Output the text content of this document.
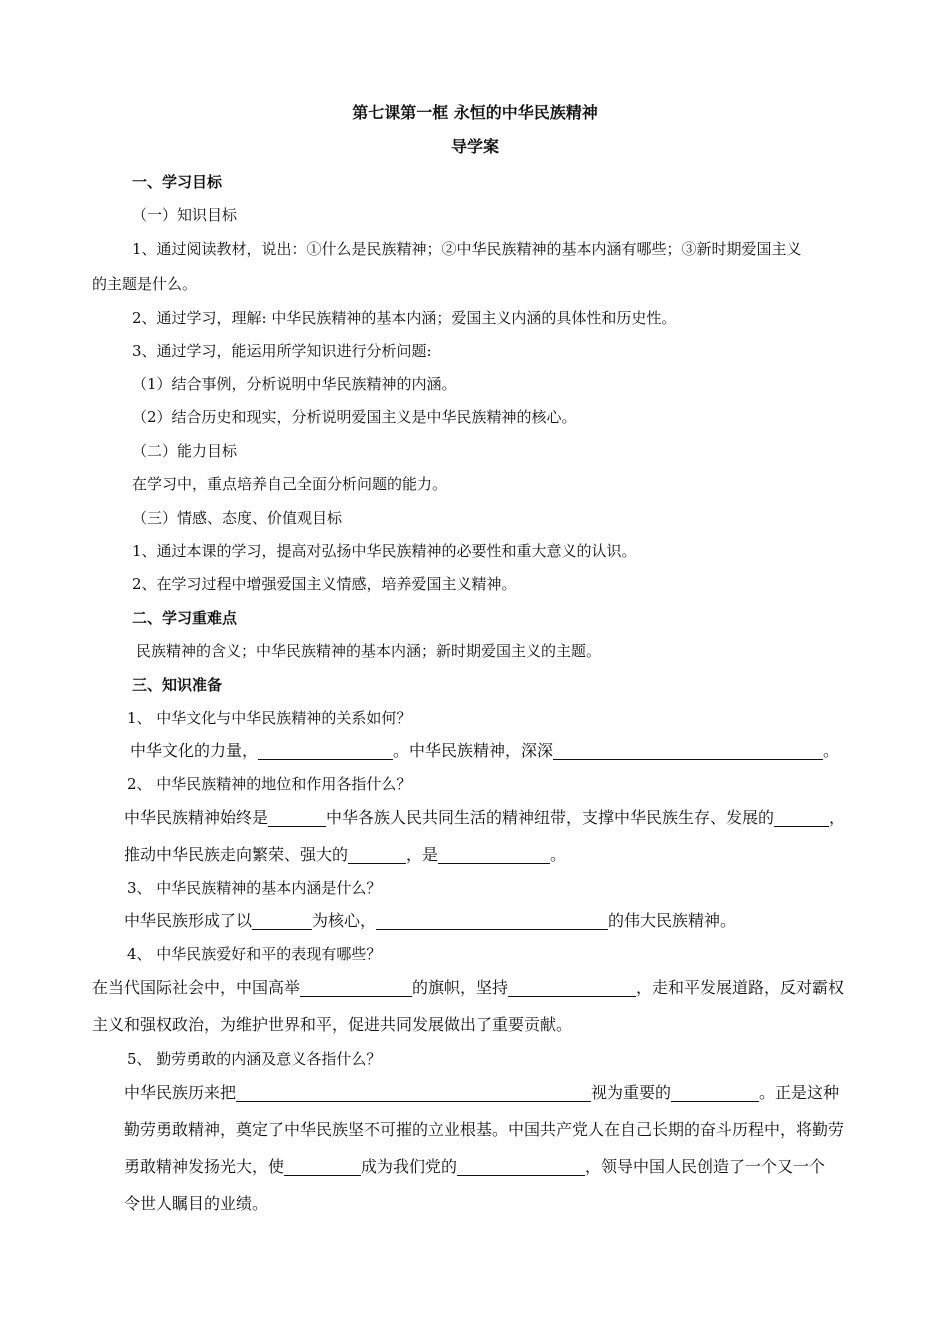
第七课第一框 永恒的中华民族精神
导学案
一、学习目标
（一）知识目标
1、通过阅读教材，说出：①什么是民族精神；②中华民族精神的基本内涵有哪些；③新时期爱国主义
的主题是什么。
2、通过学习，理解: 中华民族精神的基本内涵；爱国主义内涵的具体性和历史性。
3、通过学习，能运用所学知识进行分析问题:
（1）结合事例，分析说明中华民族精神的内涵。
（2）结合历史和现实，分析说明爱国主义是中华民族精神的核心。
（二）能力目标
在学习中，重点培养自己全面分析问题的能力。
（三）情感、态度、价值观目标
1、通过本课的学习，提高对弘扬中华民族精神的必要性和重大意义的认识。
2、在学习过程中增强爱国主义情感，培养爱国主义精神。
二、学习重难点
民族精神的含义；中华民族精神的基本内涵；新时期爱国主义的主题。
三、知识准备
1、 中华文化与中华民族精神的关系如何？
中华文化的力量，	。中华民族精神，深深	。
2、 中华民族精神的地位和作用各指什么？
中华民族精神始终是	中华各族人民共同生活的精神纽带，支撑中华民族生存、发展的	，
推动中华民族走向繁荣、强大的	，是	。
3、 中华民族精神的基本内涵是什么？
中华民族形成了以	为核心，	的伟大民族精神。
4、 中华民族爱好和平的表现有哪些？
在当代国际社会中，中国高举	的旗帜，坚持	，走和平发展道路，反对霸权
主义和强权政治，为维护世界和平，促进共同发展做出了重要贡献。
5、 勤劳勇敢的内涵及意义各指什么？
中华民族历来把	视为重要的	。正是这种
勤劳勇敢精神，奠定了中华民族坚不可摧的立业根基。中国共产党人在自己长期的奋斗历程中，将勤劳
勇敢精神发扬光大，使	成为我们党的	，领导中国人民创造了一个又一个
令世人瞩目的业绩。
